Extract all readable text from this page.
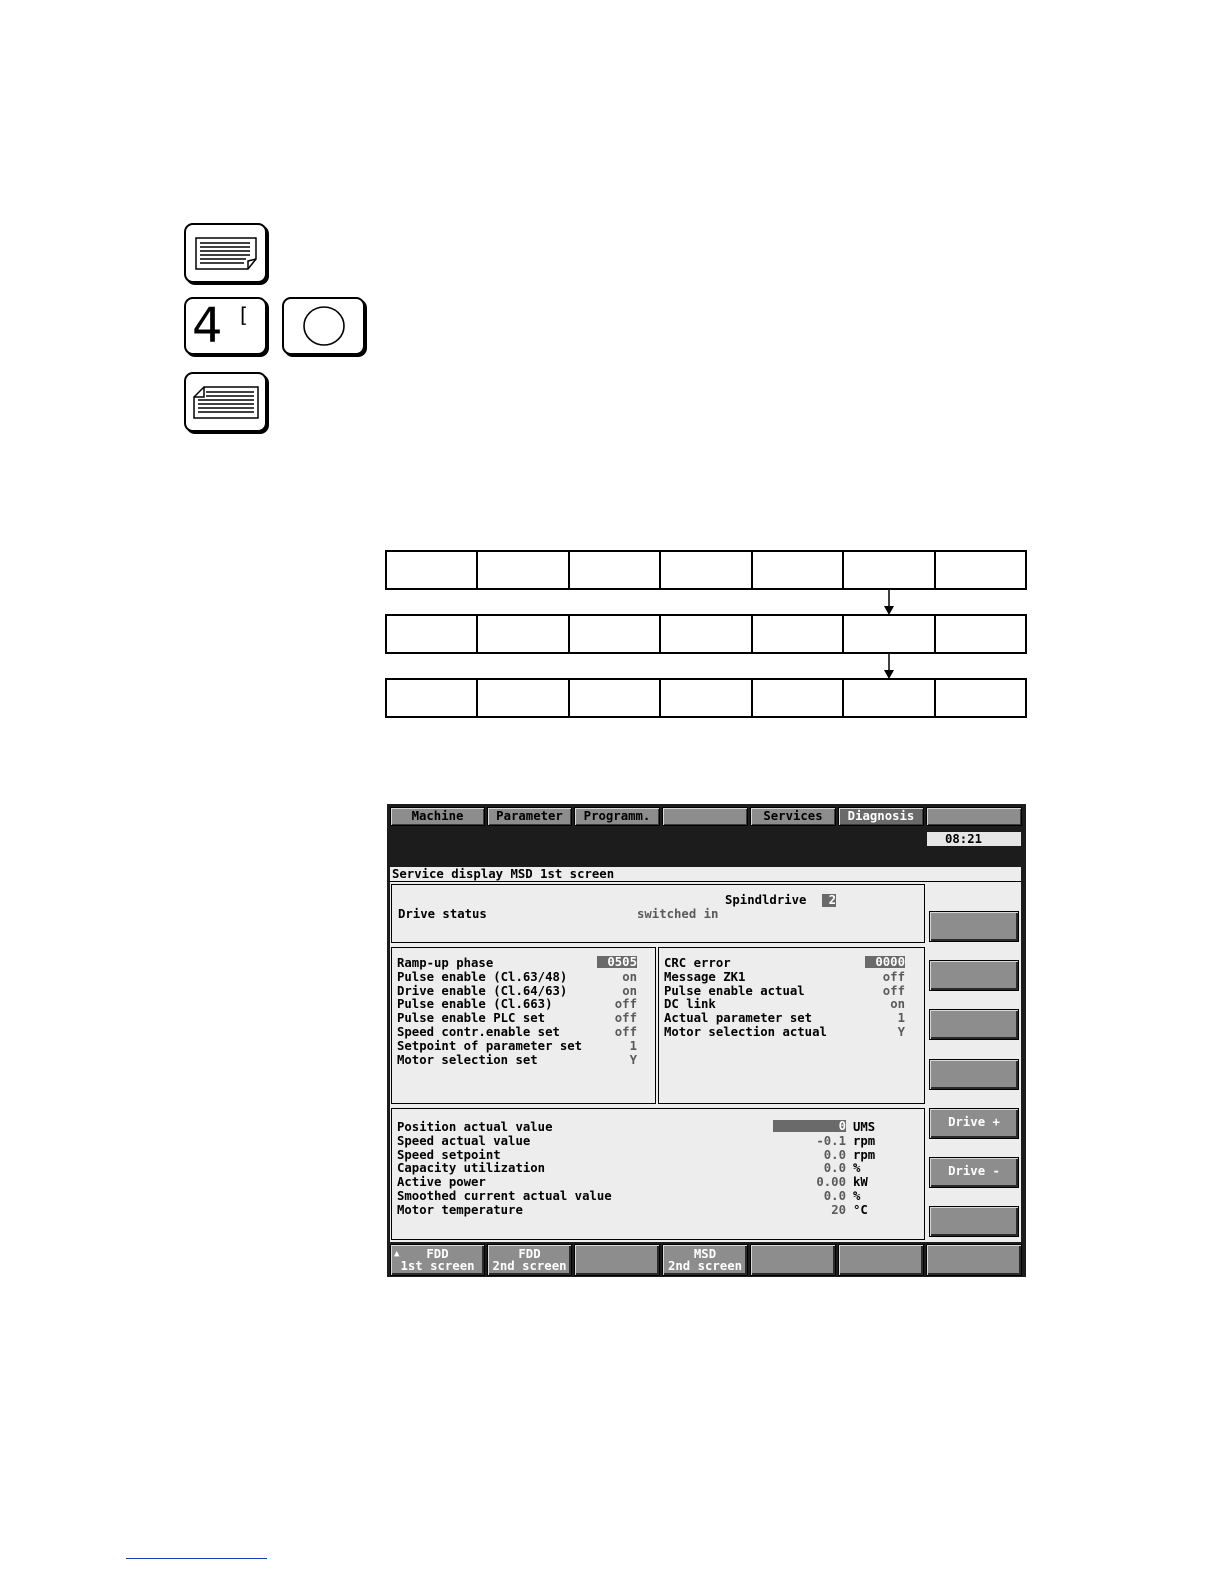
4 [
Machine	Parameter	Programm.	Services	Diagnosis
08:21
Service display MSD 1st screen
Spindldrive	2
Drive status	switched in
Drive +
Drive -
▲	FDD
1st screen
FDD
2nd screen
MSD
2nd screen
Ramp-up phase	0505
Pulse enable (Cl.63/48)	on
Drive enable (Cl.64/63)	on
Pulse enable (Cl.663)	off
Pulse enable PLC set	off
Speed contr.enable set	off
Setpoint of parameter set	1
Motor selection set	Y
CRC error	0000
Message ZK1	off
Pulse enable actual	off
DC link	on
Actual parameter set	1
Motor selection actual	Y
Position actual value	0 UMS
Speed actual value	-0.1 rpm
Speed setpoint	0.0 rpm
Capacity utilization	0.0 %
Active power	0.00 kW
Smoothed current actual value	0.0 %
Motor temperature	20 °C
